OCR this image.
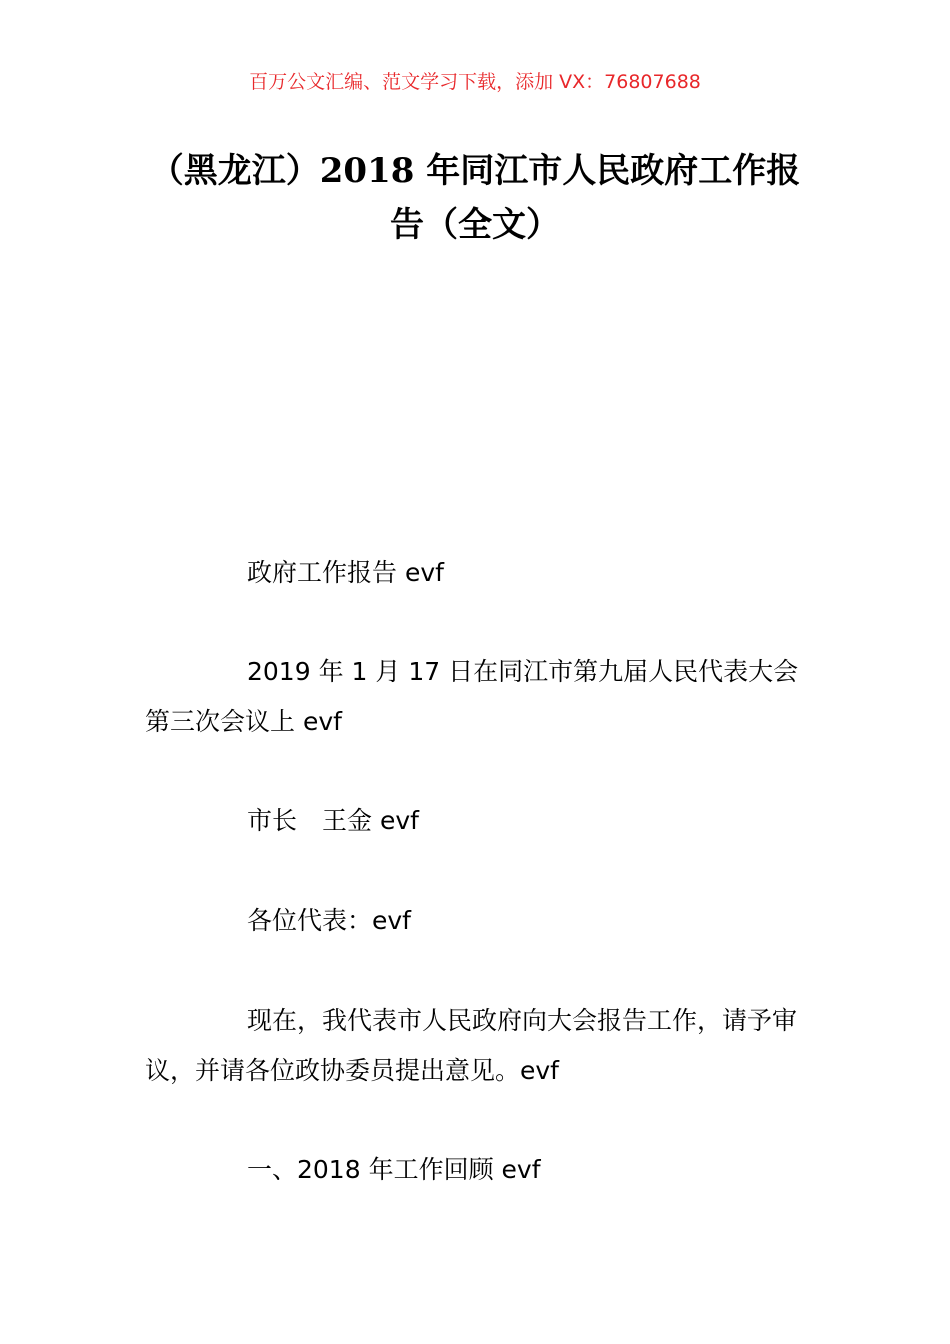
百万公文汇编、范文学习下载，添加 VX：76807688
（黑龙江）2018 年同江市人民政府工作报告（全文）

政府工作报告 evf

2019 年 1 月 17 日在同江市第九届人民代表大会第三次会议上 evf

市长　王金 evf

各位代表：evf

现在，我代表市人民政府向大会报告工作，请予审议，并请各位政协委员提出意见。evf

一、2018 年工作回顾 evf
